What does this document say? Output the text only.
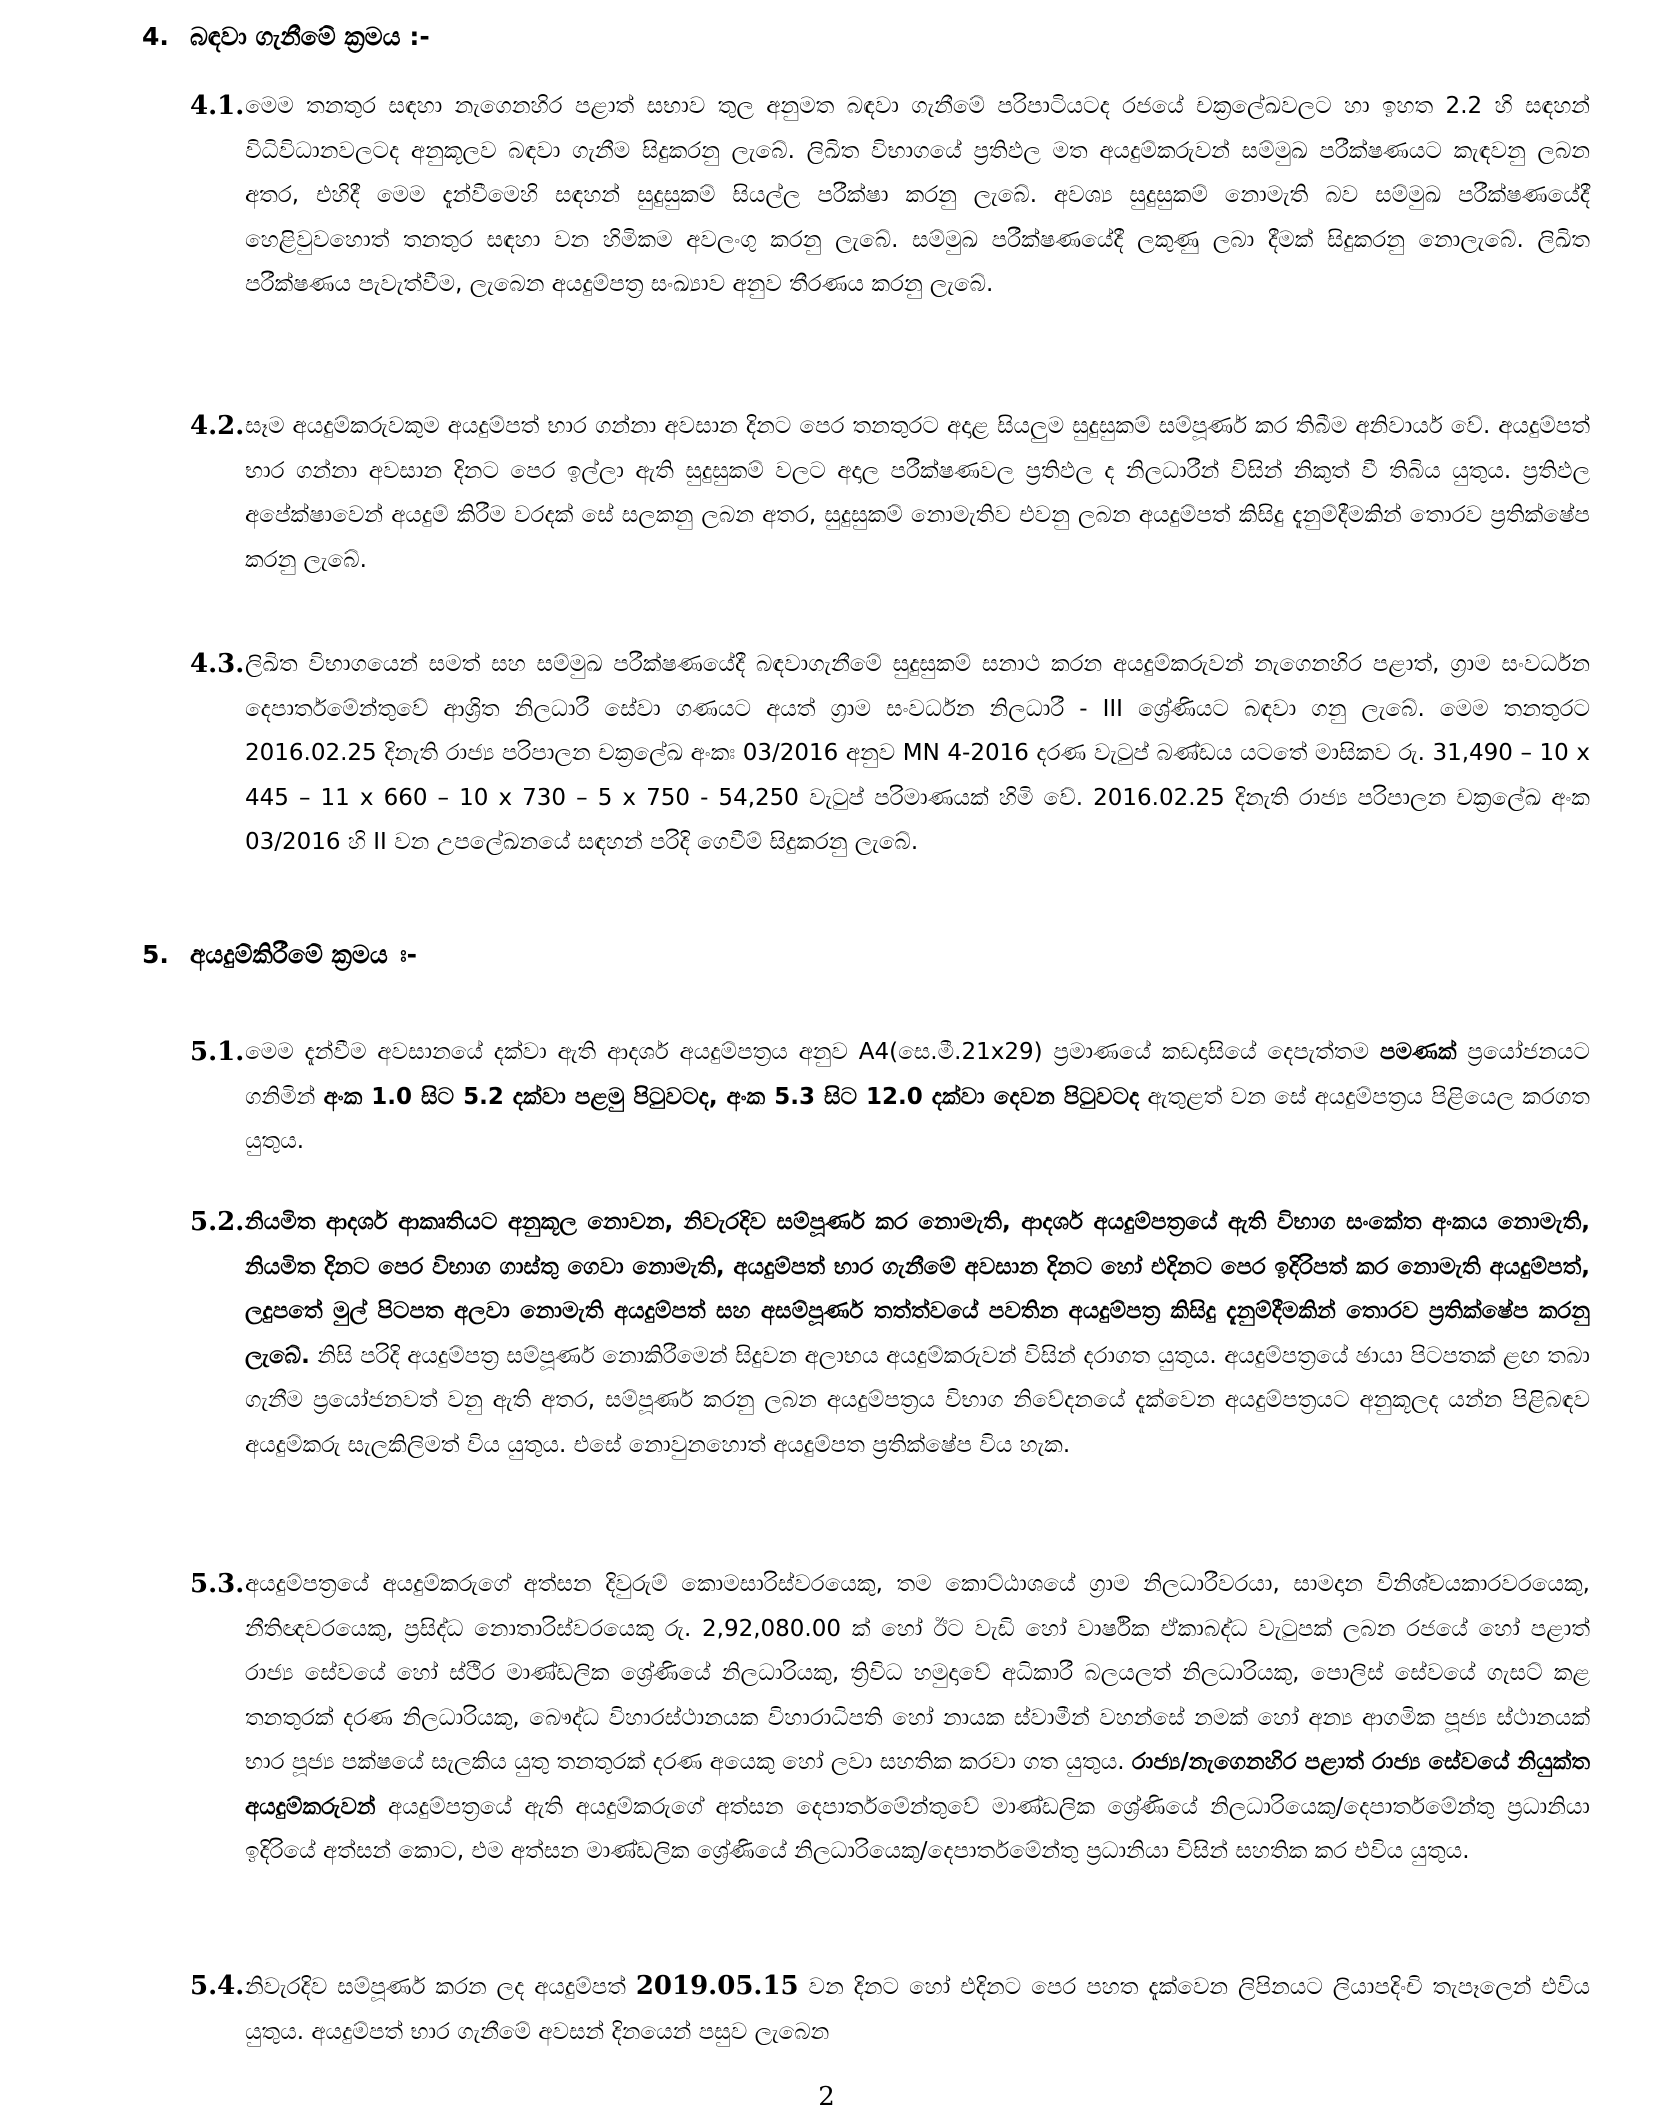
4. බඳවා ගැනීමේ ක්‍රමය :-
4.1. මෙම තනතුර සඳහා නැගෙනහිර පළාත් සභාව තුල අනුමත බඳවා ගැනීමේ පරිපාටියටද රජයේ චක්‍රලේඛවලට හා ඉහත 2.2 හි සඳහන් විධිවිධානවලටද අනුකූලව බඳවා ගැනීම සිදුකරනු ලැබේ. ලිඛිත විභාගයේ ප්‍රතිඵල මත අයදුම්කරුවන් සම්මුඛ පරීක්ෂණයට කැඳවනු ලබන අතර, එහිදී මෙම දැන්වීමෙහි සඳහන් සුදුසුකම් සියල්ල පරීක්ෂා කරනු ලැබේ. අවශ්‍ය සුදුසුකම් නොමැති බව සම්මුඛ පරීක්ෂණයේදී හෙළිවුවහොත් තනතුර සඳහා වන හිමිකම අවලංගු කරනු ලැබේ. සම්මුඛ පරීක්ෂණයේදී ලකුණු ලබා දීමක් සිදුකරනු නොලැබේ. ලිඛිත පරීක්ෂණය පැවැත්වීම, ලැබෙන අයදුම්පත්‍ර සංඛ්‍යාව අනුව තීරණය කරනු ලැබේ.
4.2. සෑම අයදුම්කරුවකුම අයදුම්පත් භාර ගන්නා අවසාන දිනට පෙර තනතුරට අදාළ සියලුම සුදුසුකම් සම්පූර්ණ කර තිබීම අනිවාර්ය වේ. අයදුම්පත් භාර ගන්නා අවසාන දිනට පෙර ඉල්ලා ඇති සුදුසුකම් වලට අදාල පරීක්ෂණවල ප්‍රතිඵල ද නිලධාරීන් විසින් නිකුත් වී තිබිය යුතුය. ප්‍රතිඵල අපේක්ෂාවෙන් අයදුම් කිරීම වරදක් සේ සලකනු ලබන අතර, සුදුසුකම් නොමැතිව එවනු ලබන අයදුම්පත් කිසිදු දැනුම්දීමකින් තොරව ප්‍රතික්ෂේප කරනු ලැබේ.
4.3. ලිඛිත විභාගයෙන් සමත් සහ සම්මුඛ පරීක්ෂණයේදී බඳවාගැනීමේ සුදුසුකම් සනාථ කරන අයදුම්කරුවන් නැගෙනහිර පළාත්, ග්‍රාම සංවර්ධන දෙපාර්තමේන්තුවේ ආශ්‍රිත නිලධාරී සේවා ගණයට අයත් ග්‍රාම සංවර්ධන නිලධාරී - III ශ්‍රේණියට බඳවා ගනු ලැබේ. මෙම තනතුරට 2016.02.25 දිනැති රාජ්‍ය පරිපාලන චක්‍රලේඛ අංකඃ 03/2016 අනුව MN 4-2016 දරණ වැටුප් බණ්ඩය යටතේ මාසිකව රු. 31,490 – 10 x 445 – 11 x 660 – 10 x 730 – 5 x 750 - 54,250 වැටුප් පරිමාණයක් හිමි වේ. 2016.02.25 දිනැති රාජ්‍ය පරිපාලන චක්‍රලේඛ අංක 03/2016 හි II වන උපලේඛනයේ සඳහන් පරිදි ගෙවීම් සිදුකරනු ලැබේ.
5. අයදුම්කිරීමේ ක්‍රමය ඃ-
5.1. මෙම දැන්වීම අවසානයේ දක්වා ඇති ආදර්ශ අයදුම්පත්‍රය අනුව A4(සෙ.මී.21x29) ප්‍රමාණයේ කඩදාසියේ දෙපැත්තම පමණක් ප්‍රයෝජනයට ගනිමින් අංක 1.0 සිට 5.2 දක්වා පළමු පිටුවටද, අංක 5.3 සිට 12.0 දක්වා දෙවන පිටුවටද ඇතුළත් වන සේ අයදුම්පත්‍රය පිළියෙල කරගත යුතුය.
5.2. නියමිත ආදර්ශ ආකෘතියට අනුකූල නොවන, නිවැරදිව සම්පූර්ණ කර නොමැති, ආදර්ශ අයදුම්පත්‍රයේ ඇති විභාග සංකේත අංකය නොමැති, නියමිත දිනට පෙර විභාග ගාස්තු ගෙවා නොමැති, අයදුම්පත් භාර ගැනීමේ අවසාන දිනට හෝ එදිනට පෙර ඉදිරිපත් කර නොමැති අයදුම්පත්, ලදුපතේ මුල් පිටපත අලවා නොමැති අයදුම්පත් සහ අසම්පූර්ණ තත්ත්වයේ පවතින අයදුම්පත්‍ර කිසිදු දැනුම්දීමකින් තොරව ප්‍රතික්ෂේප කරනු ලැබේ. නිසි පරිදි අයදුම්පත්‍ර සම්පූර්ණ නොකිරීමෙන් සිදුවන අලාභය අයදුම්කරුවන් විසින් දරාගත යුතුය. අයදුම්පත්‍රයේ ඡායා පිටපතක් ළඟ තබා ගැනීම ප්‍රයෝජනවත් වනු ඇති අතර, සම්පූර්ණ කරනු ලබන අයදුම්පත්‍රය විභාග නිවේදනයේ දැක්වෙන අයදුම්පත්‍රයට අනුකූලද යන්න පිළිබඳව අයදුම්කරු සැලකිලිමත් විය යුතුය. එසේ නොවුනහොත් අයදුම්පත ප්‍රතික්ෂේප විය හැක.
5.3. අයදුම්පත්‍රයේ අයදුම්කරුගේ අත්සන දිවුරුම් කොමසාරිස්වරයෙකු, තම කොට්ඨාශයේ ග්‍රාම නිලධාරීවරයා, සාමදාන විනිශ්චයකාරවරයෙකු, නීතිඥවරයෙකු, ප්‍රසිද්ධ නොතාරිස්වරයෙකු රු. 2,92,080.00 ක් හෝ ඊට වැඩි හෝ වාර්ෂික ඒකාබද්ධ වැටුපක් ලබන රජයේ හෝ පළාත් රාජ්‍ය සේවයේ හෝ ස්ථිර මාණ්ඩලික ශ්‍රේණියේ නිලධාරියකු, ත්‍රිවිධ හමුදාවේ අධිකාරී බලයලත් නිලධාරියකු, පොලිස් සේවයේ ගැසට් කළ තනතුරක් දරණ නිලධාරියකු, බෞද්ධ විහාරස්ථානයක විහාරාධිපති හෝ නායක ස්වාමීන් වහන්සේ නමක් හෝ අන්‍ය ආගමික පූජ්‍ය ස්ථානයක් භාර පූජ්‍ය පක්ෂයේ සැලකිය යුතු තනතුරක් දරණ අයෙකු හෝ ලවා සහතික කරවා ගත යුතුය. රාජ්‍ය/නැගෙනහිර පළාත් රාජ්‍ය සේවයේ නියුක්ත අයදුම්කරුවන් අයදුම්පත්‍රයේ ඇති අයදුම්කරුගේ අත්සන දෙපාර්තමේන්තුවේ මාණ්ඩලික ශ්‍රේණියේ නිලධාරියෙකු/දෙපාර්තමේන්තු ප්‍රධානියා ඉදිරියේ අත්සන් කොට, එම අත්සන මාණ්ඩලික ශ්‍රේණියේ නිලධාරියෙකු/දෙපාර්තමේන්තු ප්‍රධානියා විසින් සහතික කර එවිය යුතුය.
5.4. නිවැරදිව සම්පූර්ණ කරන ලද අයදුම්පත් 2019.05.15 වන දිනට හෝ එදිනට පෙර පහත දැක්වෙන ලිපිනයට ලියාපදිංචි තැපෑලෙන් එවිය යුතුය. අයදුම්පත් භාර ගැනීමේ අවසන් දිනයෙන් පසුව ලැබෙන
2
